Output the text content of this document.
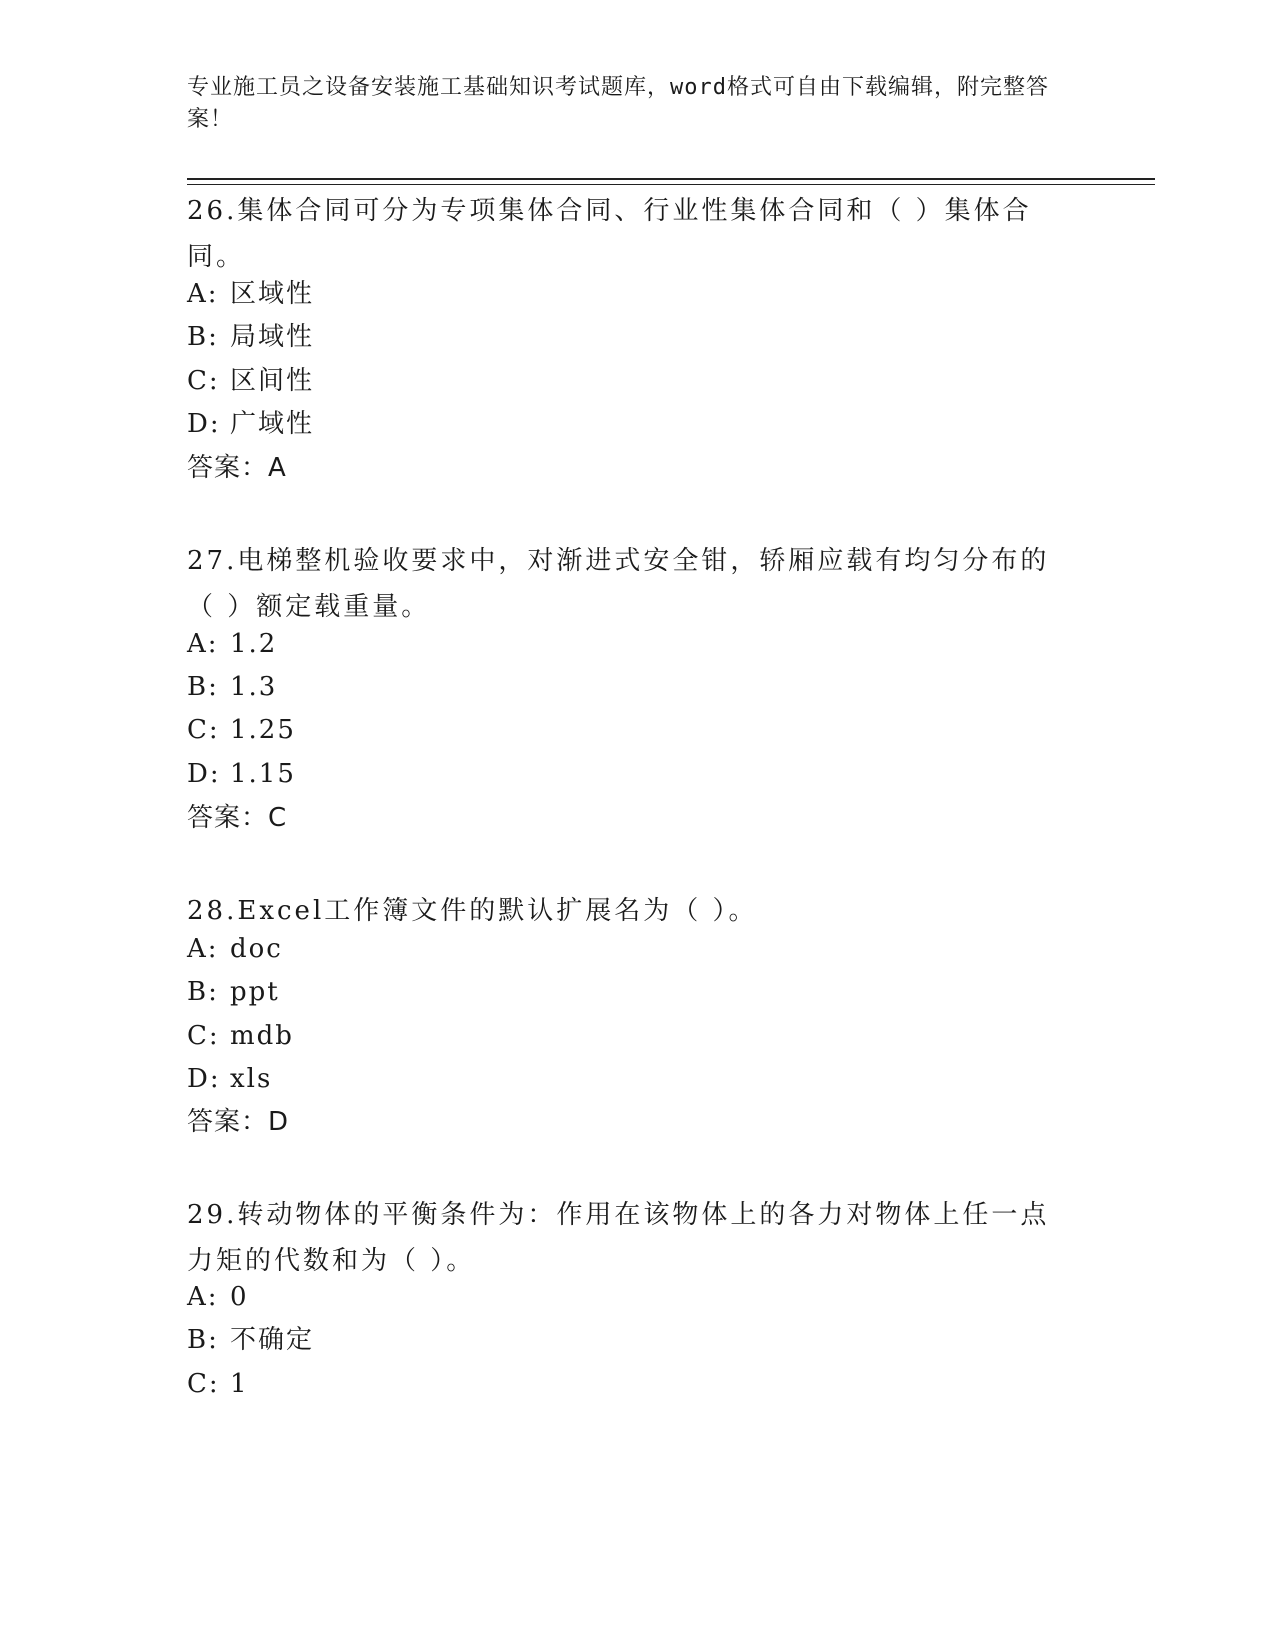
专业施工员之设备安装施工基础知识考试题库，word格式可自由下载编辑，附完整答案！
26.集体合同可分为专项集体合同、行业性集体合同和（ ）集体合同。
A: 区域性
B: 局域性
C: 区间性
D: 广域性
答案：A
27.电梯整机验收要求中，对渐进式安全钳，轿厢应载有均匀分布的（ ）额定载重量。
A: 1.2
B: 1.3
C: 1.25
D: 1.15
答案：C
28.Excel工作簿文件的默认扩展名为（ ）。
A: doc
B: ppt
C: mdb
D: xls
答案：D
29.转动物体的平衡条件为：作用在该物体上的各力对物体上任一点力矩的代数和为（ ）。
A: 0
B: 不确定
C: 1
